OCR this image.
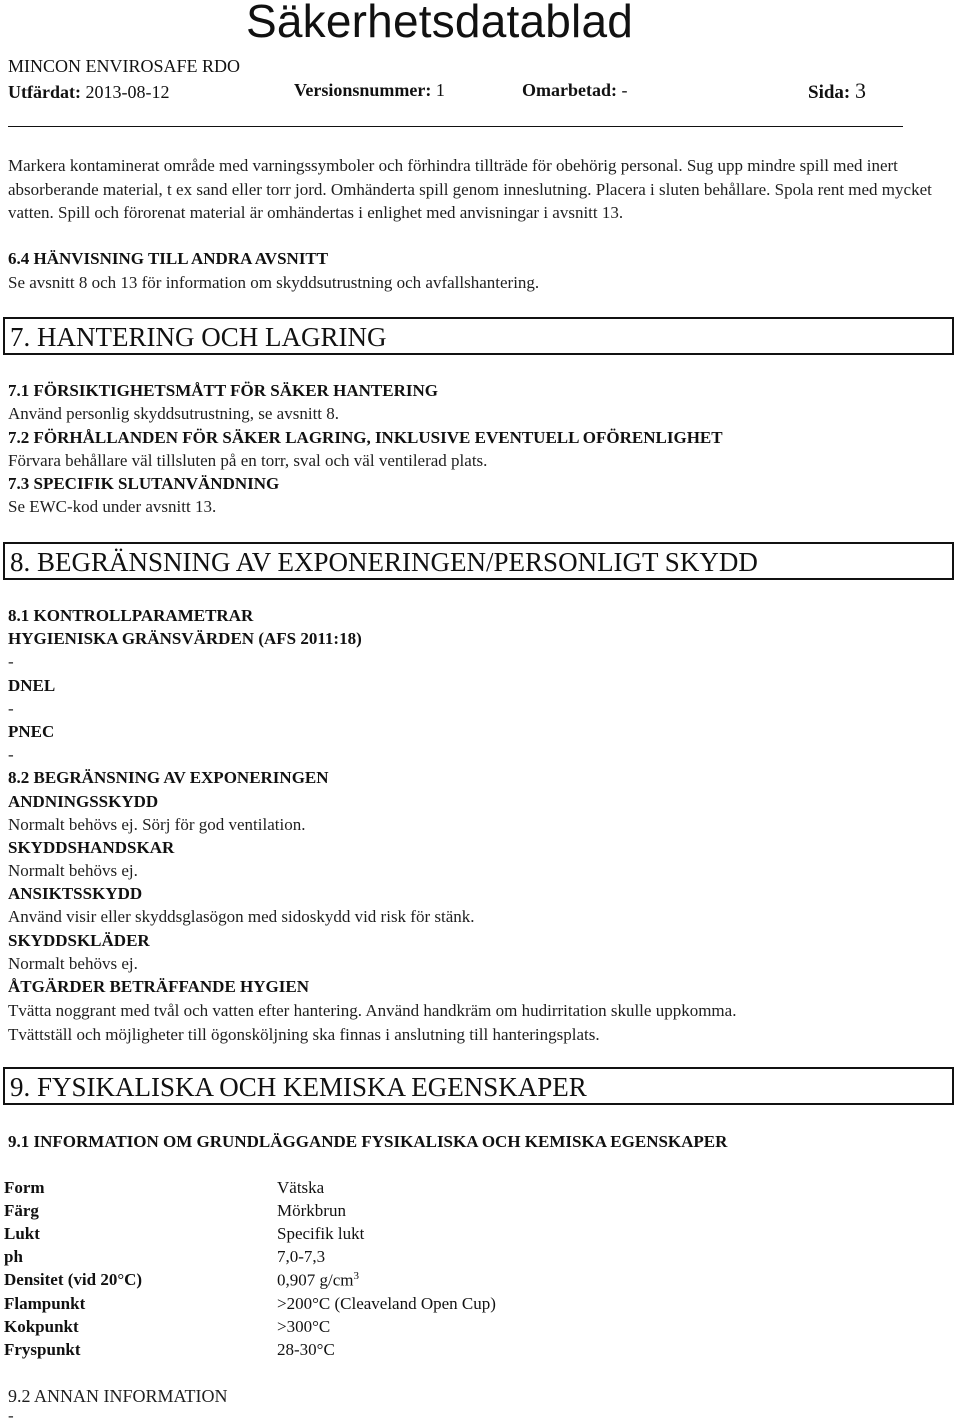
Säkerhetsdatablad
MINCON ENVIROSAFE RDO
Utfärdat: 2013-08-12	Versionsnummer: 1	Omarbetad: -	Sida: 3
Markera kontaminerat område med varningssymboler och förhindra tillträde för obehörig personal. Sug upp mindre spill med inert absorberande material, t ex sand eller torr jord. Omhänderta spill genom inneslutning. Placera i sluten behållare. Spola rent med mycket vatten. Spill och förorenat material är omhändertas i enlighet med anvisningar i avsnitt 13.
6.4 HÄNVISNING TILL ANDRA AVSNITT
Se avsnitt 8 och 13 för information om skyddsutrustning och avfallshantering.
7. HANTERING OCH LAGRING
7.1 FÖRSIKTIGHETSMÅTT FÖR SÄKER HANTERING
Använd personlig skyddsutrustning, se avsnitt 8.
7.2 FÖRHÅLLANDEN FÖR SÄKER LAGRING, INKLUSIVE EVENTUELL OFÖRENLIGHET
Förvara behållare väl tillsluten på en torr, sval och väl ventilerad plats.
7.3 SPECIFIK SLUTANVÄNDNING
Se EWC-kod under avsnitt 13.
8. BEGRÄNSNING AV EXPONERINGEN/PERSONLIGT SKYDD
8.1 KONTROLLPARAMETRAR
HYGIENISKA GRÄNSVÄRDEN (AFS 2011:18)
-
DNEL
-
PNEC
-
8.2 BEGRÄNSNING AV EXPONERINGEN
ANDNINGSSKYDD
Normalt behövs ej. Sörj för god ventilation.
SKYDDSHANDSKAR
Normalt behövs ej.
ANSIKTSSKYDD
Använd visir eller skyddsglasögon med sidoskydd vid risk för stänk.
SKYDDSKLÄDER
Normalt behövs ej.
ÅTGÄRDER BETRÄFFANDE HYGIEN
Tvätta noggrant med tvål och vatten efter hantering. Använd handkräm om hudirritation skulle uppkomma.
Tvättställ och möjligheter till ögonsköljning ska finnas i anslutning till hanteringsplats.
9. FYSIKALISKA OCH KEMISKA EGENSKAPER
9.1 INFORMATION OM GRUNDLÄGGANDE FYSIKALISKA OCH KEMISKA EGENSKAPER
Form	Vätska
Färg	Mörkbrun
Lukt	Specifik lukt
ph	7,0-7,3
Densitet (vid 20°C)	0,907 $g/cm^3$
Flampunkt	>200°C (Cleaveland Open Cup)
Kokpunkt	>300°C
Fryspunkt	28-30°C
9.2 ANNAN INFORMATION
-
